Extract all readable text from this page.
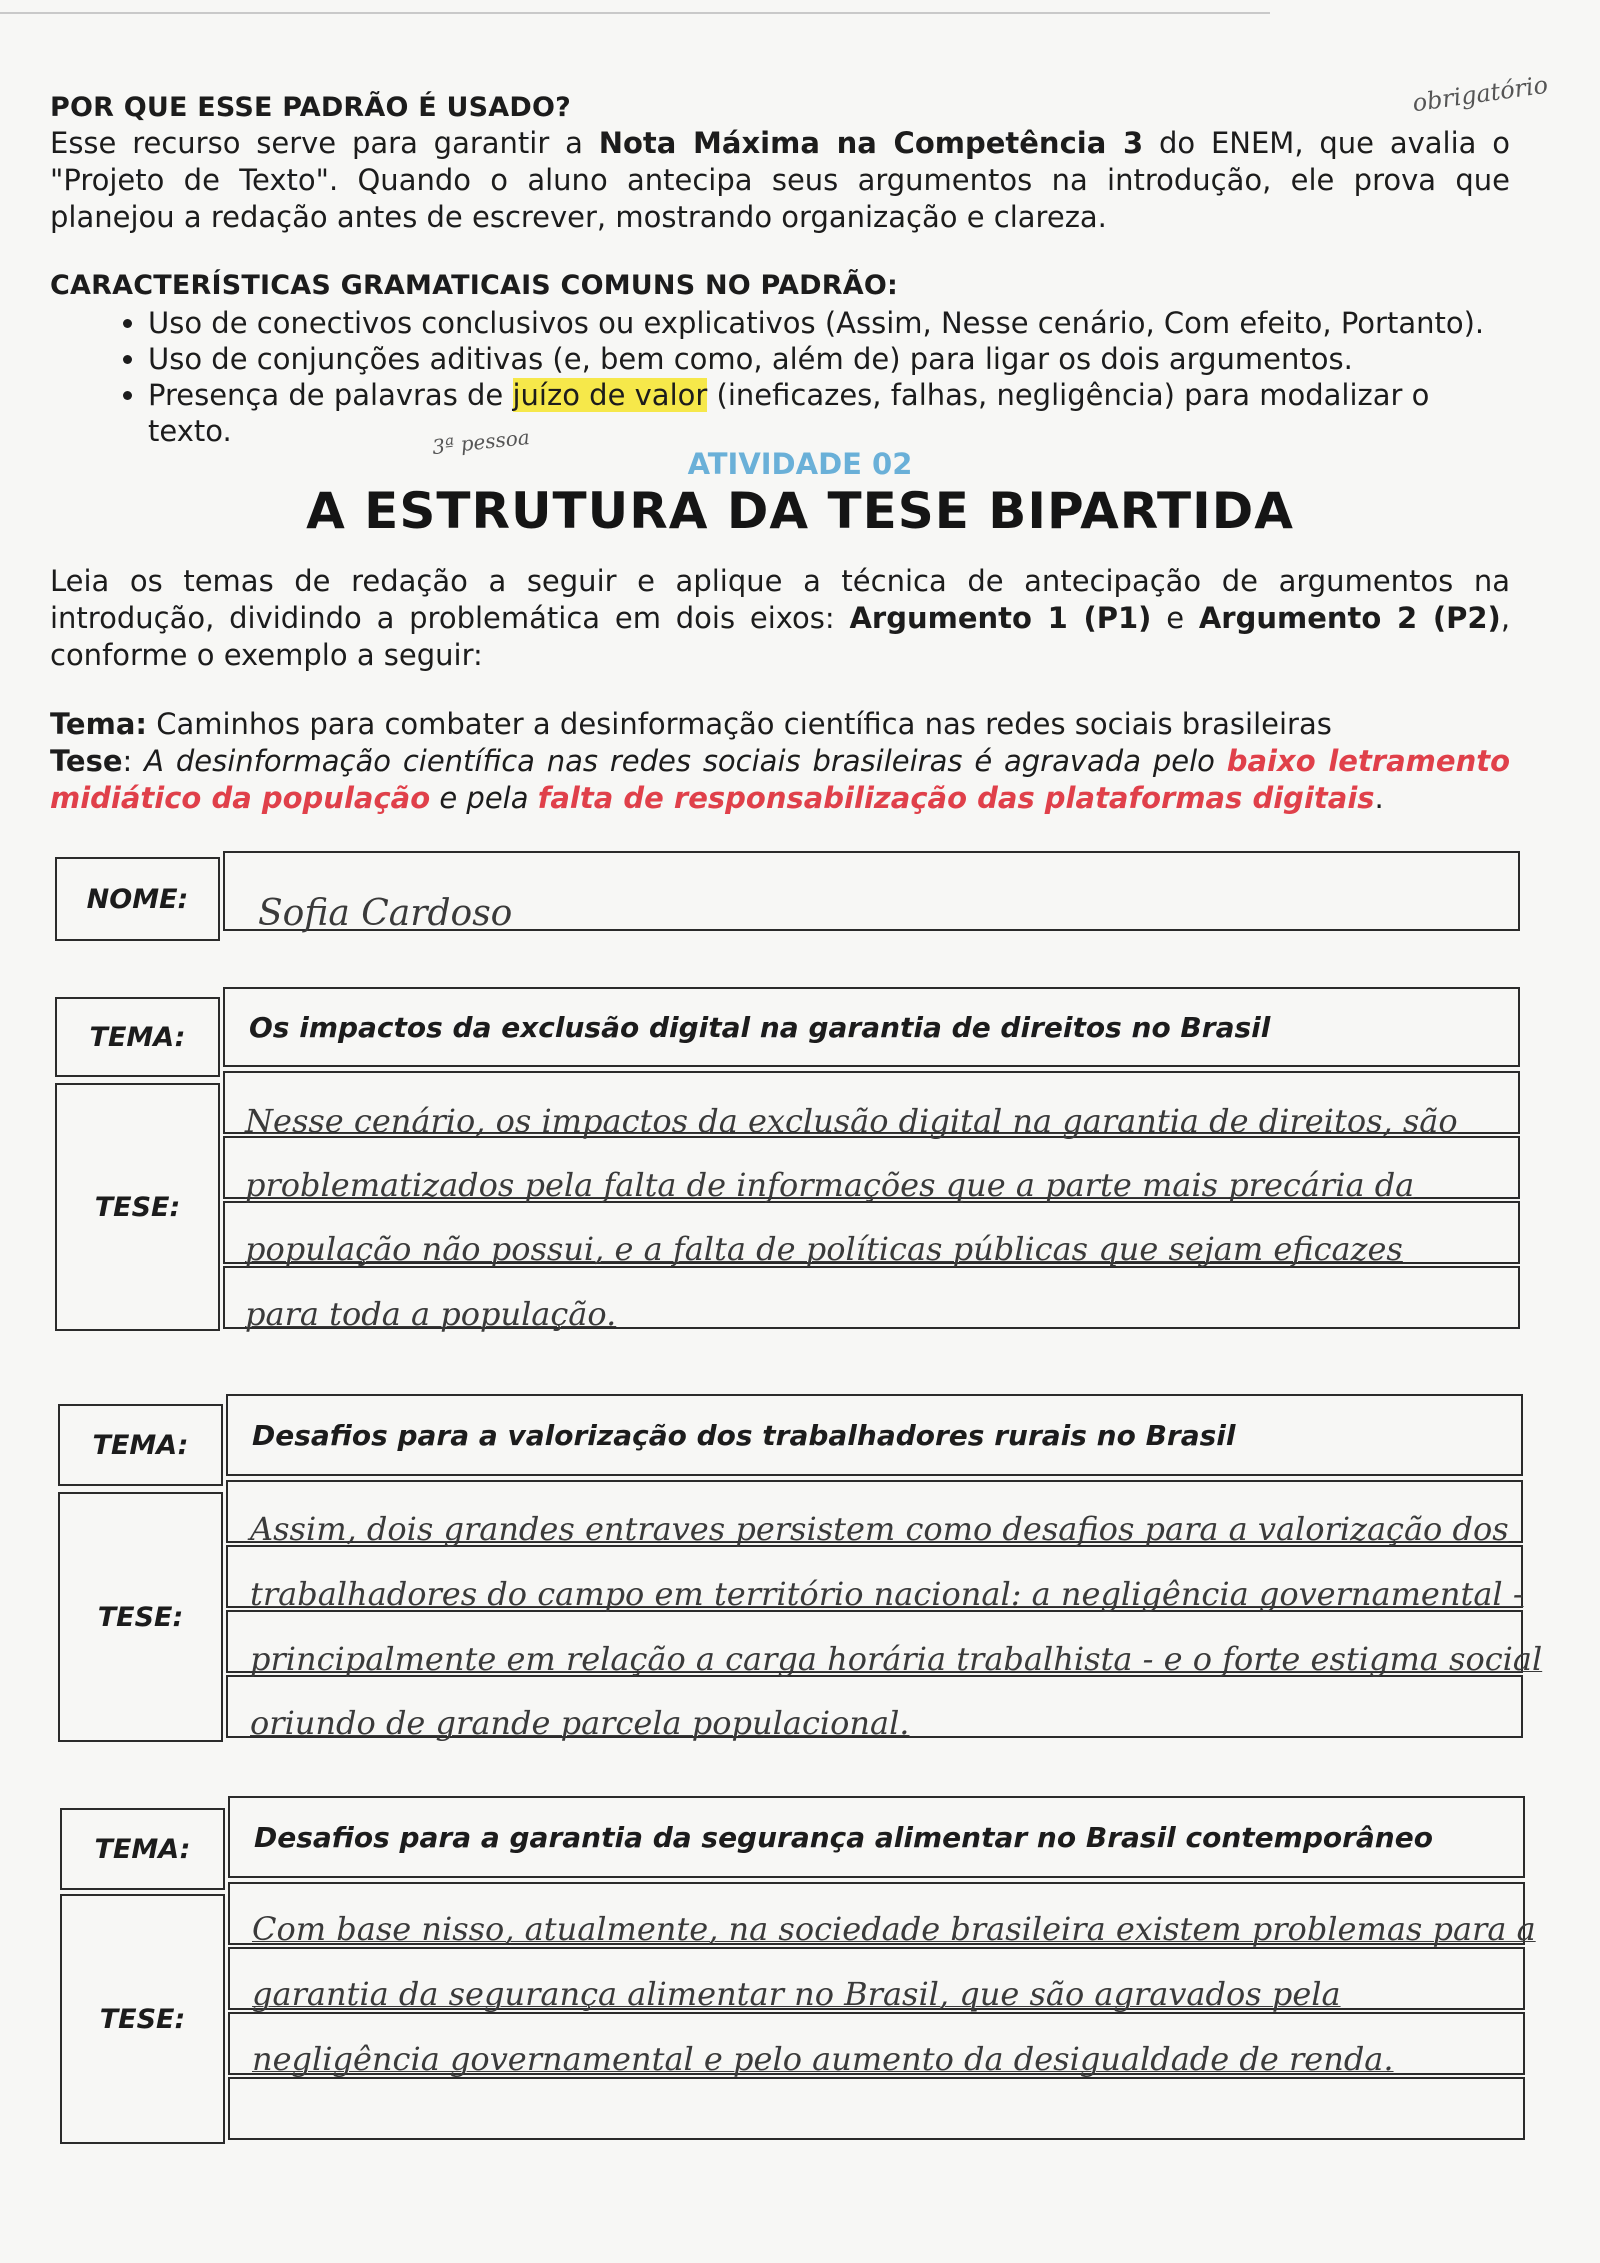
POR QUE ESSE PADRÃO É USADO?
Esse recurso serve para garantir a Nota Máxima na Competência 3 do ENEM, que avalia o "Projeto de Texto". Quando o aluno antecipa seus argumentos na introdução, ele prova que planejou a redação antes de escrever, mostrando organização e clareza.
obrigatório
CARACTERÍSTICAS GRAMATICAIS COMUNS NO PADRÃO:
• Uso de conectivos conclusivos ou explicativos (Assim, Nesse cenário, Com efeito, Portanto).
• Uso de conjunções aditivas (e, bem como, além de) para ligar os dois argumentos.
• Presença de palavras de juízo de valor (ineficazes, falhas, negligência) para modalizar o texto.	3ª pessoa
ATIVIDADE 02
A ESTRUTURA DA TESE BIPARTIDA
Leia os temas de redação a seguir e aplique a técnica de antecipação de argumentos na introdução, dividindo a problemática em dois eixos: Argumento 1 (P1) e Argumento 2 (P2), conforme o exemplo a seguir:
Tema: Caminhos para combater a desinformação científica nas redes sociais brasileiras
Tese: A desinformação científica nas redes sociais brasileiras é agravada pelo baixo letramento midiático da população e pela falta de responsabilização das plataformas digitais.
NOME: Sofia Cardoso
TEMA: Os impactos da exclusão digital na garantia de direitos no Brasil
TESE:
Nesse cenário, os impactos da exclusão digital na garantia de direitos, são
problematizados pela falta de informações que a parte mais precária da
população não possui, e a falta de políticas públicas que sejam eficazes
para toda a população.
TEMA: Desafios para a valorização dos trabalhadores rurais no Brasil
TESE:
Assim, dois grandes entraves persistem como desafios para a valorização dos
trabalhadores do campo em território nacional: a negligência governamental -
principalmente em relação a carga horária trabalhista - e o forte estigma social
oriundo de grande parcela populacional.
TEMA: Desafios para a garantia da segurança alimentar no Brasil contemporâneo
TESE:
Com base nisso, atualmente, na sociedade brasileira existem problemas para a
garantia da segurança alimentar no Brasil, que são agravados pela
negligência governamental e pelo aumento da desigualdade de renda.
